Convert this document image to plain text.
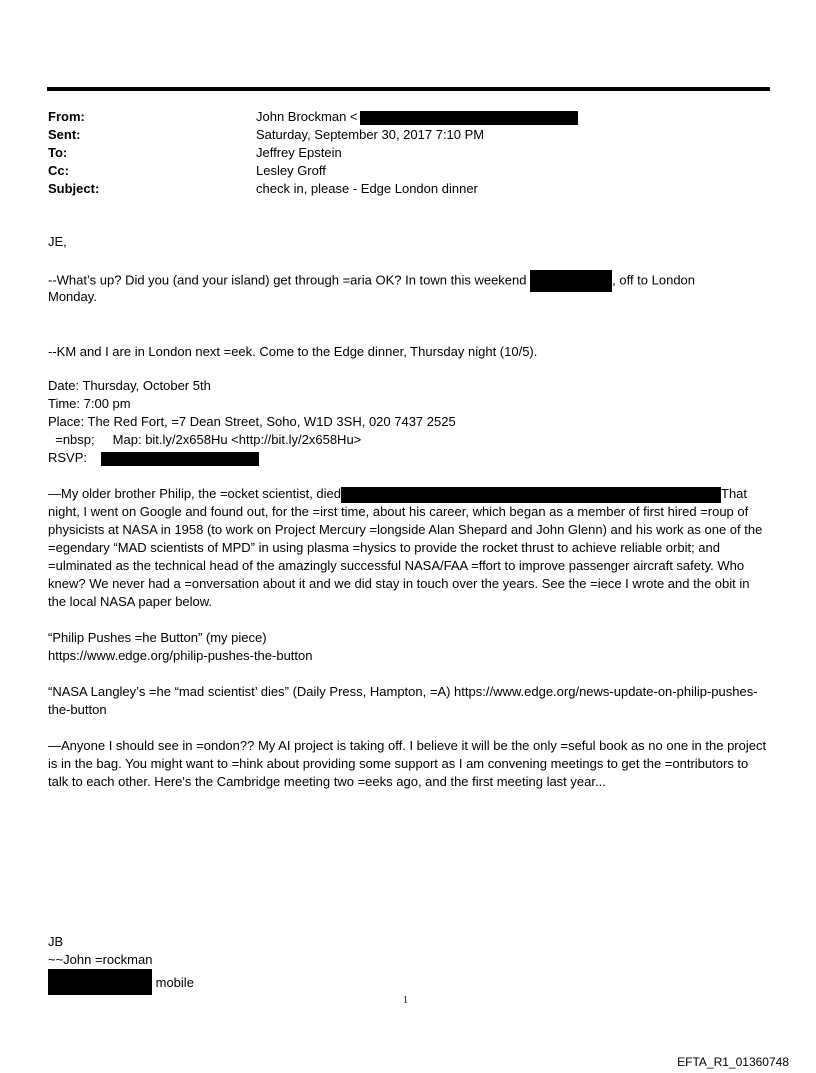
From:	John Brockman <
Sent:	Saturday, September 30, 2017 7:10 PM
To:	Jeffrey Epstein
Cc:	Lesley Groff
Subject:	check in, please - Edge London dinner
JE,
--What’s up? Did you (and your island) get through =aria OK? In town this weekend	, off to London
Monday.
--KM and I are in London next =eek. Come to the Edge dinner, Thursday night (10/5).
Date: Thursday, October 5th
Time: 7:00 pm
Place: The Red Fort, =7 Dean Street, Soho, W1D 3SH, 020 7437 2525
=nbsp;     Map: bit.ly/2x658Hu <http://bit.ly/2x658Hu>
RSVP:
—My older brother Philip, the =ocket scientist, died	That
night, I went on Google and found out, for the =irst time, about his career, which began as a member of first hired =roup of physicists at NASA in 1958 (to work on Project Mercury =longside Alan Shepard and John Glenn) and his work as one of the =egendary “MAD scientists of MPD” in using plasma =hysics to provide the rocket thrust to achieve reliable orbit; and =ulminated as the technical head of the amazingly successful NASA/FAA =ffort to improve passenger aircraft safety. Who knew? We never had a =onversation about it and we did stay in touch over the years. See the =iece I wrote and the obit in the local NASA paper below.
“Philip Pushes =he Button” (my piece)
https://www.edge.org/philip-pushes-the-button
“NASA Langley’s =he “mad scientist’ dies” (Daily Press, Hampton, =A) https://www.edge.org/news-update-on-philip-pushes-the-button
—Anyone I should see in =ondon?? My AI project is taking off. I believe it will be the only =seful book as no one in the project is in the bag. You might want to =hink about providing some support as I am convening meetings to get the =ontributors to talk to each other. Here's the Cambridge meeting two =eeks ago, and the first meeting last year...
JB
~~John =rockman
mobile
1
EFTA_R1_01360748
